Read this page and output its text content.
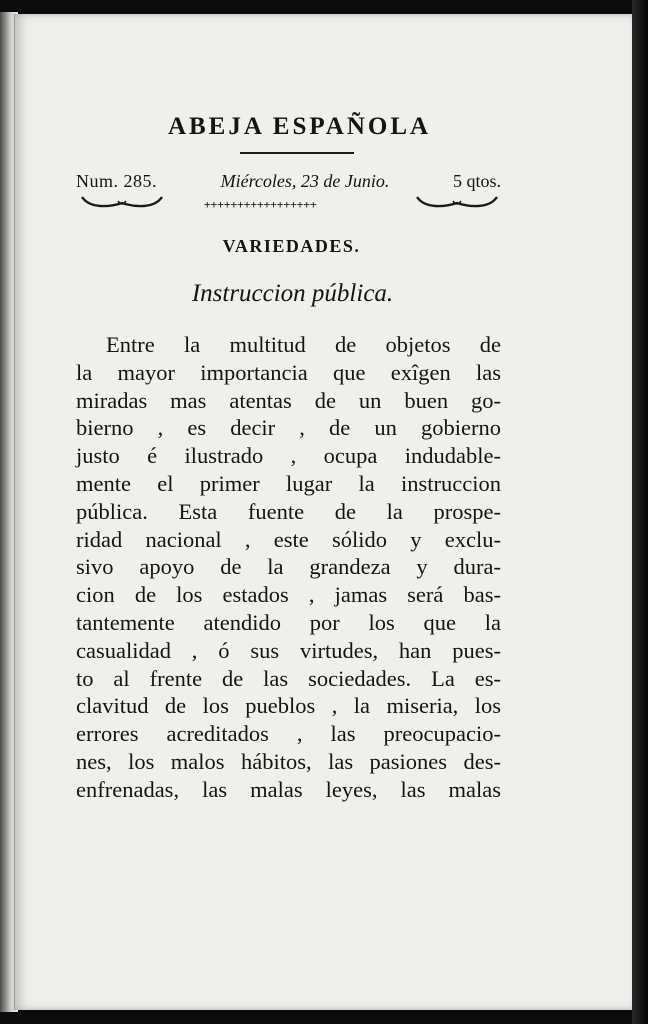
ABEJA ESPAÑOLA
Num. 285.	Miércoles, 23 de Junio.	5 qtos.
+++++++++++++++++
VARIEDADES.
Instruccion pública.
Entre la multitud de objetos de
la mayor importancia que exîgen las
miradas mas atentas de un buen go-
bierno , es decir , de un gobierno
justo é ilustrado , ocupa indudable-
mente el primer lugar la instruccion
pública. Esta fuente de la prospe-
ridad nacional , este sólido y exclu-
sivo apoyo de la grandeza y dura-
cion de los estados , jamas será bas-
tantemente atendido por los que la
casualidad , ó sus virtudes, han pues-
to al frente de las sociedades. La es-
clavitud de los pueblos , la miseria, los
errores acreditados , las preocupacio-
nes, los malos hábitos, las pasiones des-
enfrenadas, las malas leyes, las malas
